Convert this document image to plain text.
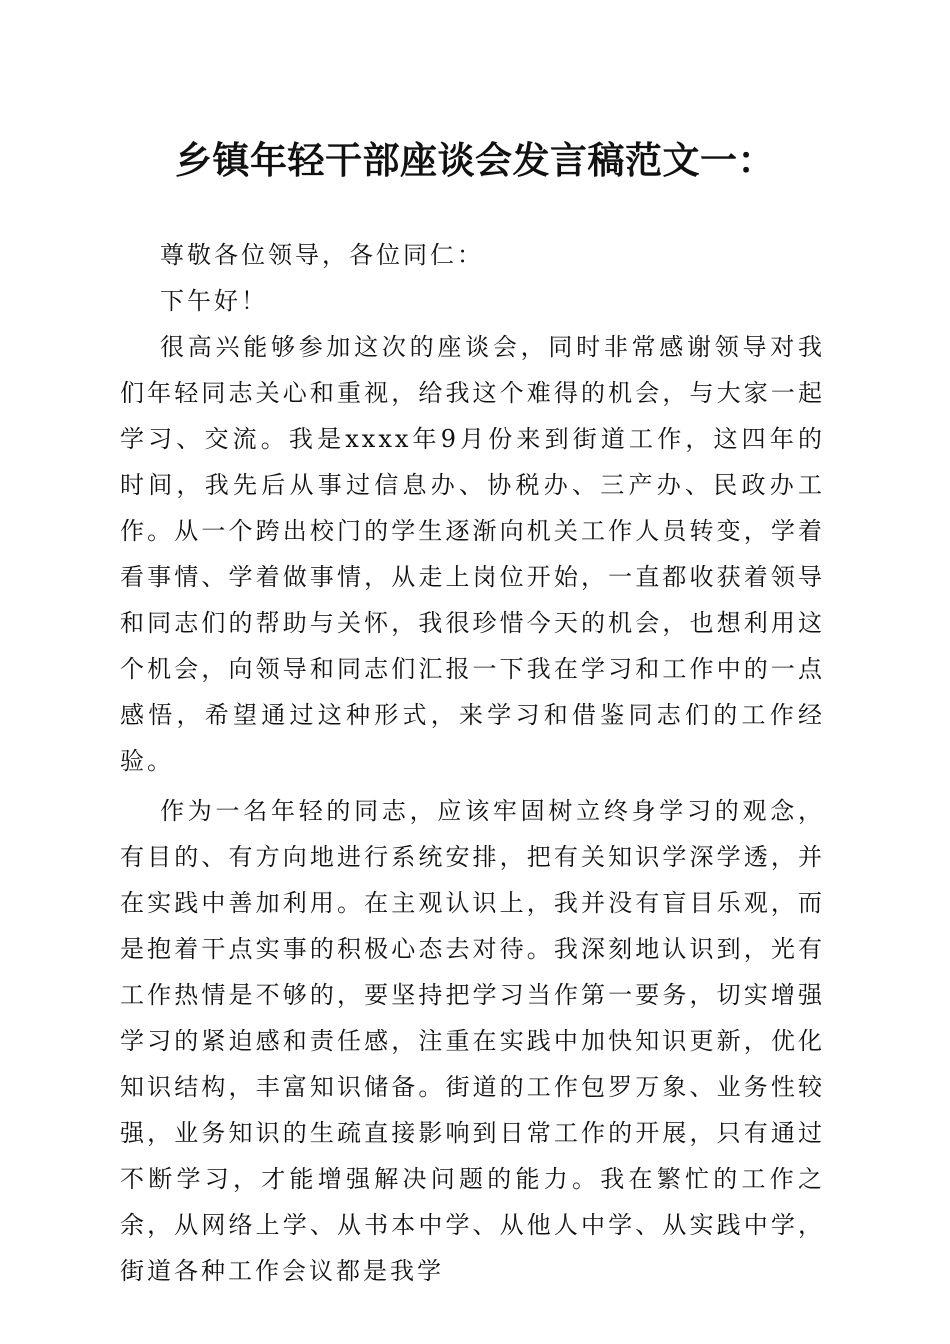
乡镇年轻干部座谈会发言稿范文一：

尊敬各位领导，各位同仁：

下午好！

很高兴能够参加这次的座谈会，同时非常感谢领导对我们年轻同志关心和重视，给我这个难得的机会，与大家一起学习、交流。我是xxxx年9月份来到街道工作，这四年的时间，我先后从事过信息办、协税办、三产办、民政办工作。从一个跨出校门的学生逐渐向机关工作人员转变，学着看事情、学着做事情，从走上岗位开始，一直都收获着领导和同志们的帮助与关怀，我很珍惜今天的机会，也想利用这个机会，向领导和同志们汇报一下我在学习和工作中的一点感悟，希望通过这种形式，来学习和借鉴同志们的工作经验。

作为一名年轻的同志，应该牢固树立终身学习的观念，有目的、有方向地进行系统安排，把有关知识学深学透，并在实践中善加利用。在主观认识上，我并没有盲目乐观，而是抱着干点实事的积极心态去对待。我深刻地认识到，光有工作热情是不够的，要坚持把学习当作第一要务，切实增强学习的紧迫感和责任感，注重在实践中加快知识更新，优化知识结构，丰富知识储备。街道的工作包罗万象、业务性较强，业务知识的生疏直接影响到日常工作的开展，只有通过不断学习，才能增强解决问题的能力。我在繁忙的工作之余，从网络上学、从书本中学、从他人中学、从实践中学，街道各种工作会议都是我学
